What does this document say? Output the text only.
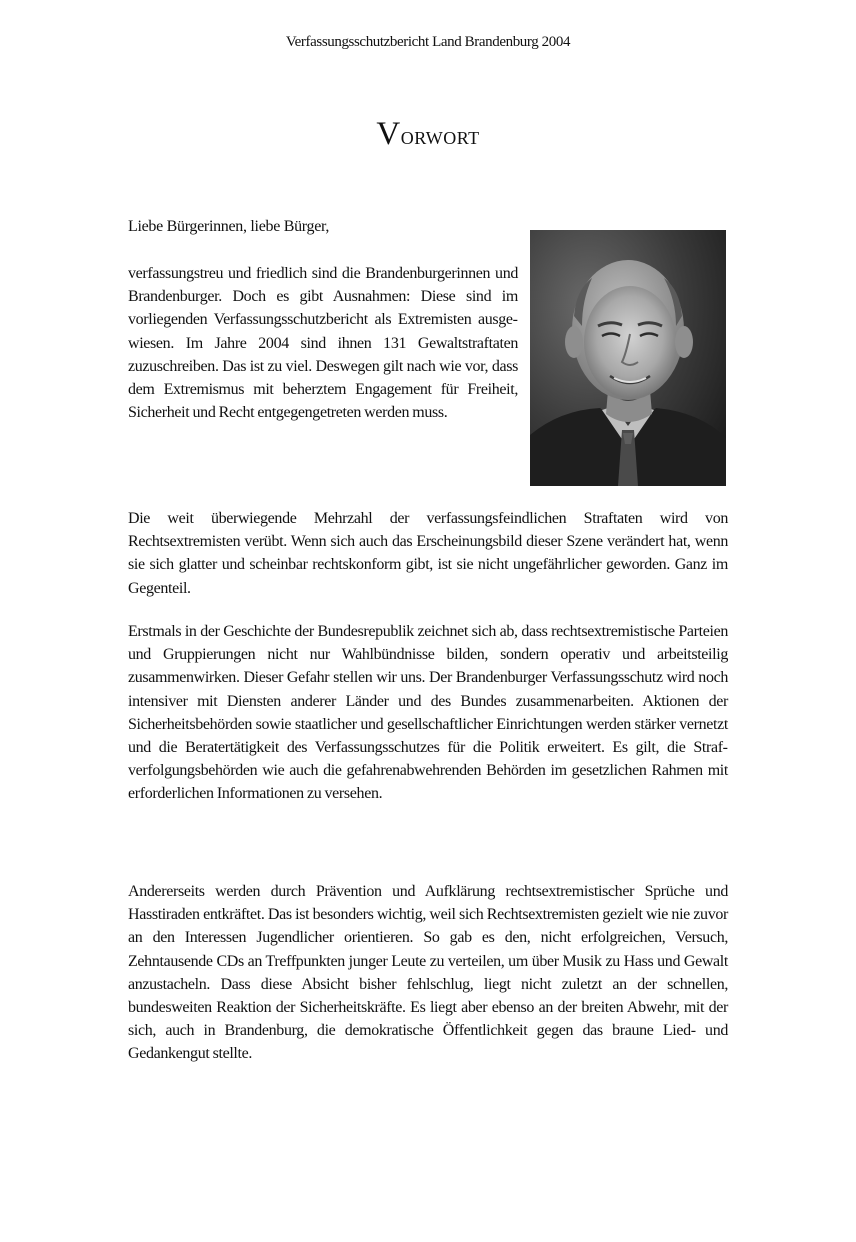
Verfassungsschutzbericht Land Brandenburg 2004
Vorwort
Liebe Bürgerinnen, liebe Bürger,

verfassungstreu und friedlich sind die Brandenburgerinnen und Brandenburger. Doch es gibt Ausnahmen: Diese sind im vorliegenden Verfassungsschutzbericht als Extremisten ausgewiesen. Im Jahre 2004 sind ihnen 131 Gewaltstraftaten zuzuschreiben. Das ist zu viel. Deswegen gilt nach wie vor, dass dem Extremismus mit beherztem Engagement für Freiheit, Sicherheit und Recht entgegengetreten werden muss.

Die weit überwiegende Mehrzahl der verfassungsfeindlichen Straftaten wird von Rechtsextremisten verübt. Wenn sich auch das Erscheinungsbild dieser Szene verändert hat, wenn sie sich glatter und scheinbar rechtskonform gibt, ist sie nicht ungefährlicher geworden. Ganz im Gegenteil.

Erstmals in der Geschichte der Bundesrepublik zeichnet sich ab, dass rechtsextremistische Parteien und Gruppierungen nicht nur Wahlbündnisse bilden, sondern operativ und arbeitsteilig zusammenwirken. Dieser Gefahr stellen wir uns. Der Brandenburger Verfassungsschutz wird noch intensiver mit Diensten anderer Länder und des Bundes zusammenarbeiten. Aktionen der Sicherheitsbehörden sowie staatlicher und gesellschaftlicher Einrichtungen werden stärker vernetzt und die Beratertätigkeit des Verfassungsschutzes für die Politik erweitert. Es gilt, die Strafverfolgungsbehörden wie auch die gefahrenabwehrenden Behörden im gesetzlichen Rahmen mit erforderlichen Informationen zu versehen.

Andererseits werden durch Prävention und Aufklärung rechtsextremistischer Sprüche und Hasstiraden entkräftet. Das ist besonders wichtig, weil sich Rechtsextremisten gezielt wie nie zuvor an den Interessen Jugendlicher orientieren. So gab es den, nicht erfolgreichen, Versuch, Zehntausende CDs an Treffpunkten junger Leute zu verteilen, um über Musik zu Hass und Gewalt anzustacheln. Dass diese Absicht bisher fehlschlug, liegt nicht zuletzt an der schnellen, bundesweiten Reaktion der Sicherheitskräfte. Es liegt aber ebenso an der breiten Abwehr, mit der sich, auch in Brandenburg, die demokratische Öffentlichkeit gegen das braune Lied- und Gedankengut stellte.
